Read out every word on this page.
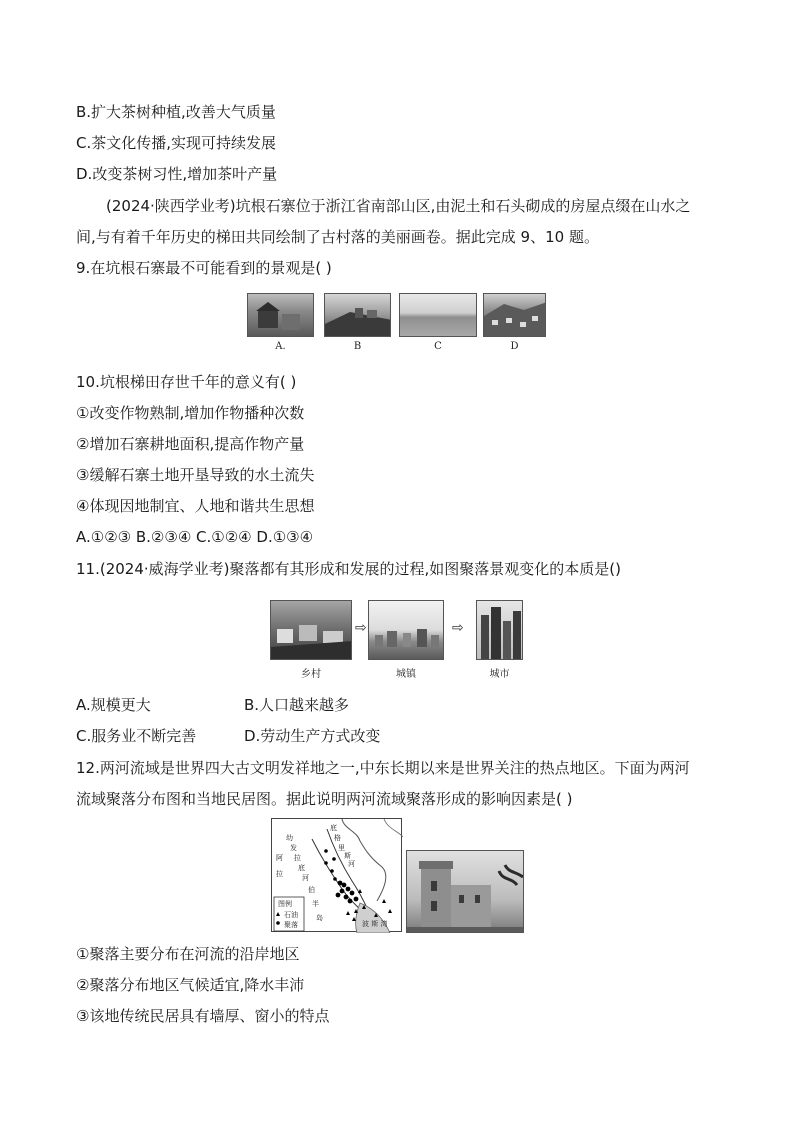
B.扩大茶树种植,改善大气质量
C.茶文化传播,实现可持续发展
D.改变茶树习性,增加茶叶产量
(2024·陕西学业考)坑根石寨位于浙江省南部山区,由泥土和石头砌成的房屋点缀在山水之
间,与有着千年历史的梯田共同绘制了古村落的美丽画卷。据此完成 9、10 题。
9.在坑根石寨最不可能看到的景观是( )
A.	B	C	D
10.坑根梯田存世千年的意义有( )
①改变作物熟制,增加作物播种次数
②增加石寨耕地面积,提高作物产量
③缓解石寨土地开垦导致的水土流失
④体现因地制宜、人地和谐共生思想
A.①②③ B.②③④ C.①②④ D.①③④
11.(2024·威海学业考)聚落都有其形成和发展的过程,如图聚落景观变化的本质是()
⇨	⇨
乡村	城镇	城市
A.规模更大	B.人口越来越多
C.服务业不断完善	D.劳动生产方式改变
12.两河流域是世界四大古文明发祥地之一,中东长期以来是世界关注的热点地区。下面为两河
流域聚落分布图和当地民居图。据此说明两河流域聚落形成的影响因素是( )
幼
发
拉
底
河
底
格
里
斯
河
阿
拉
伯
半
岛
波 斯 湾
图例
石油
聚落
①聚落主要分布在河流的沿岸地区
②聚落分布地区气候适宜,降水丰沛
③该地传统民居具有墙厚、窗小的特点
